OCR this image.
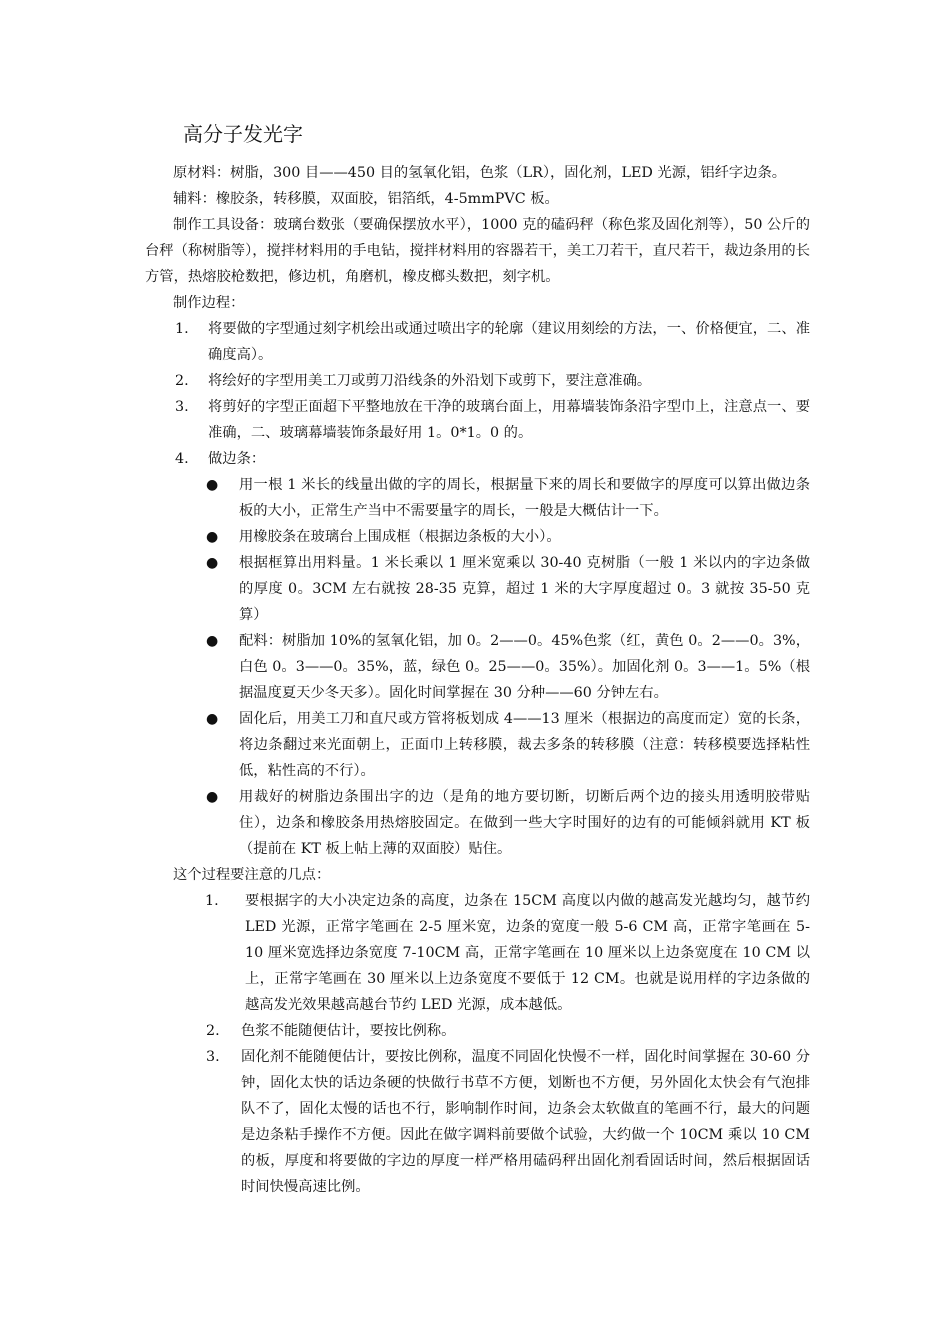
高分子发光字

原材料：树脂，300 目——450 目的氢氧化铝，色浆（LR），固化剂，LED 光源，铝纤字边条。

辅料：橡胶条，转移膜，双面胶，铝箔纸，4-5mmPVC 板。

制作工具设备：玻璃台数张（要确保摆放水平），1000 克的磕码秤（称色浆及固化剂等），50 公斤的台秤（称树脂等），搅拌材料用的手电钻，搅拌材料用的容器若干，美工刀若干，直尺若干，裁边条用的长方管，热熔胶枪数把，修边机，角磨机，橡皮榔头数把，刻字机。

制作边程：

1.	将要做的字型通过刻字机绘出或通过喷出字的轮廓（建议用刻绘的方法，一、价格便宜，二、准确度高）。
2.	将绘好的字型用美工刀或剪刀沿线条的外沿划下或剪下，要注意准确。
3.	将剪好的字型正面超下平整地放在干净的玻璃台面上，用幕墙装饰条沿字型巾上，注意点一、要准确，二、玻璃幕墙装饰条最好用 1。0*1。0 的。
4.	做边条：
●	用一根 1 米长的线量出做的字的周长，根据量下来的周长和要做字的厚度可以算出做边条板的大小，正常生产当中不需要量字的周长，一般是大概估计一下。
●	用橡胶条在玻璃台上围成框（根据边条板的大小）。
●	根据框算出用料量。1 米长乘以 1 厘米宽乘以 30-40 克树脂（一般 1 米以内的字边条做的厚度 0。3CM 左右就按 28-35 克算，超过 1 米的大字厚度超过 0。3 就按 35-50 克算）
●	配料：树脂加 10%的氢氧化铝，加 0。2——0。45%色浆（红，黄色 0。2——0。3%，白色 0。3——0。35%，蓝，绿色 0。25——0。35%）。加固化剂 0。3——1。5%（根据温度夏天少冬天多）。固化时间掌握在 30 分种——60 分钟左右。
●	固化后，用美工刀和直尺或方管将板划成 4——13 厘米（根据边的高度而定）宽的长条，将边条翻过来光面朝上，正面巾上转移膜，裁去多条的转移膜（注意：转移模要选择粘性低，粘性高的不行）。
●	用裁好的树脂边条围出字的边（是角的地方要切断，切断后两个边的接头用透明胶带贴住），边条和橡胶条用热熔胶固定。在做到一些大字时围好的边有的可能倾斜就用 KT 板（提前在 KT 板上帖上薄的双面胶）贴住。

这个过程要注意的几点：

1.	要根据字的大小决定边条的高度，边条在 15CM 高度以内做的越高发光越均匀，越节约 LED 光源，正常字笔画在 2-5 厘米宽，边条的宽度一般 5-6 CM 高，正常字笔画在 5-10 厘米宽选择边条宽度 7-10CM 高，正常字笔画在 10 厘米以上边条宽度在 10 CM 以上，正常字笔画在 30 厘米以上边条宽度不要低于 12 CM。也就是说用样的字边条做的越高发光效果越高越台节约 LED 光源，成本越低。
2.	色浆不能随便估计，要按比例称。
3.	固化剂不能随便估计，要按比例称，温度不同固化快慢不一样，固化时间掌握在 30-60 分钟，固化太快的话边条硬的快做行书草不方便，划断也不方便，另外固化太快会有气泡排队不了，固化太慢的话也不行，影响制作时间，边条会太软做直的笔画不行，最大的问题是边条粘手操作不方便。因此在做字调料前要做个试验，大约做一个 10CM 乘以 10 CM 的板，厚度和将要做的字边的厚度一样严格用磕码秤出固化剂看固话时间，然后根据固话时间快慢高速比例。
